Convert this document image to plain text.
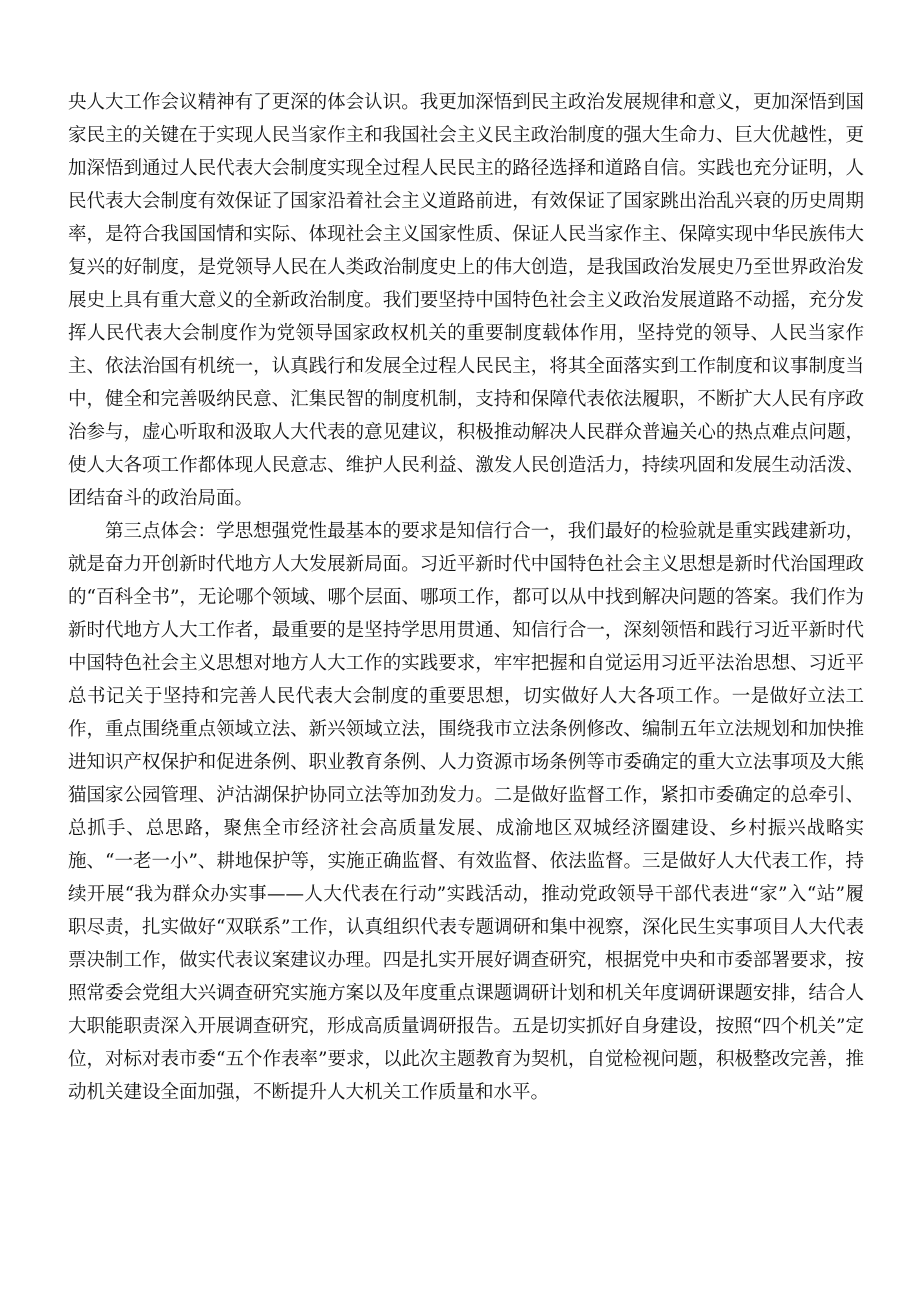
央人大工作会议精神有了更深的体会认识。我更加深悟到民主政治发展规律和意义，更加深悟到国家民主的关键在于实现人民当家作主和我国社会主义民主政治制度的强大生命力、巨大优越性，更加深悟到通过人民代表大会制度实现全过程人民民主的路径选择和道路自信。实践也充分证明，人民代表大会制度有效保证了国家沿着社会主义道路前进，有效保证了国家跳出治乱兴衰的历史周期率，是符合我国国情和实际、体现社会主义国家性质、保证人民当家作主、保障实现中华民族伟大复兴的好制度，是党领导人民在人类政治制度史上的伟大创造，是我国政治发展史乃至世界政治发展史上具有重大意义的全新政治制度。我们要坚持中国特色社会主义政治发展道路不动摇，充分发挥人民代表大会制度作为党领导国家政权机关的重要制度载体作用，坚持党的领导、人民当家作主、依法治国有机统一，认真践行和发展全过程人民民主，将其全面落实到工作制度和议事制度当中，健全和完善吸纳民意、汇集民智的制度机制，支持和保障代表依法履职，不断扩大人民有序政治参与，虚心听取和汲取人大代表的意见建议，积极推动解决人民群众普遍关心的热点难点问题，使人大各项工作都体现人民意志、维护人民利益、激发人民创造活力，持续巩固和发展生动活泼、团结奋斗的政治局面。

第三点体会：学思想强党性最基本的要求是知信行合一，我们最好的检验就是重实践建新功，就是奋力开创新时代地方人大发展新局面。习近平新时代中国特色社会主义思想是新时代治国理政的“百科全书”，无论哪个领域、哪个层面、哪项工作，都可以从中找到解决问题的答案。我们作为新时代地方人大工作者，最重要的是坚持学思用贯通、知信行合一，深刻领悟和践行习近平新时代中国特色社会主义思想对地方人大工作的实践要求，牢牢把握和自觉运用习近平法治思想、习近平总书记关于坚持和完善人民代表大会制度的重要思想，切实做好人大各项工作。一是做好立法工作，重点围绕重点领域立法、新兴领域立法，围绕我市立法条例修改、编制五年立法规划和加快推进知识产权保护和促进条例、职业教育条例、人力资源市场条例等市委确定的重大立法事项及大熊猫国家公园管理、泸沽湖保护协同立法等加劲发力。二是做好监督工作，紧扣市委确定的总牵引、总抓手、总思路，聚焦全市经济社会高质量发展、成渝地区双城经济圈建设、乡村振兴战略实施、“一老一小”、耕地保护等，实施正确监督、有效监督、依法监督。三是做好人大代表工作，持续开展“我为群众办实事——人大代表在行动”实践活动，推动党政领导干部代表进“家”入“站”履职尽责，扎实做好“双联系”工作，认真组织代表专题调研和集中视察，深化民生实事项目人大代表票决制工作，做实代表议案建议办理。四是扎实开展好调查研究，根据党中央和市委部署要求，按照常委会党组大兴调查研究实施方案以及年度重点课题调研计划和机关年度调研课题安排，结合人大职能职责深入开展调查研究，形成高质量调研报告。五是切实抓好自身建设，按照“四个机关”定位，对标对表市委“五个作表率”要求，以此次主题教育为契机，自觉检视问题，积极整改完善，推动机关建设全面加强，不断提升人大机关工作质量和水平。
